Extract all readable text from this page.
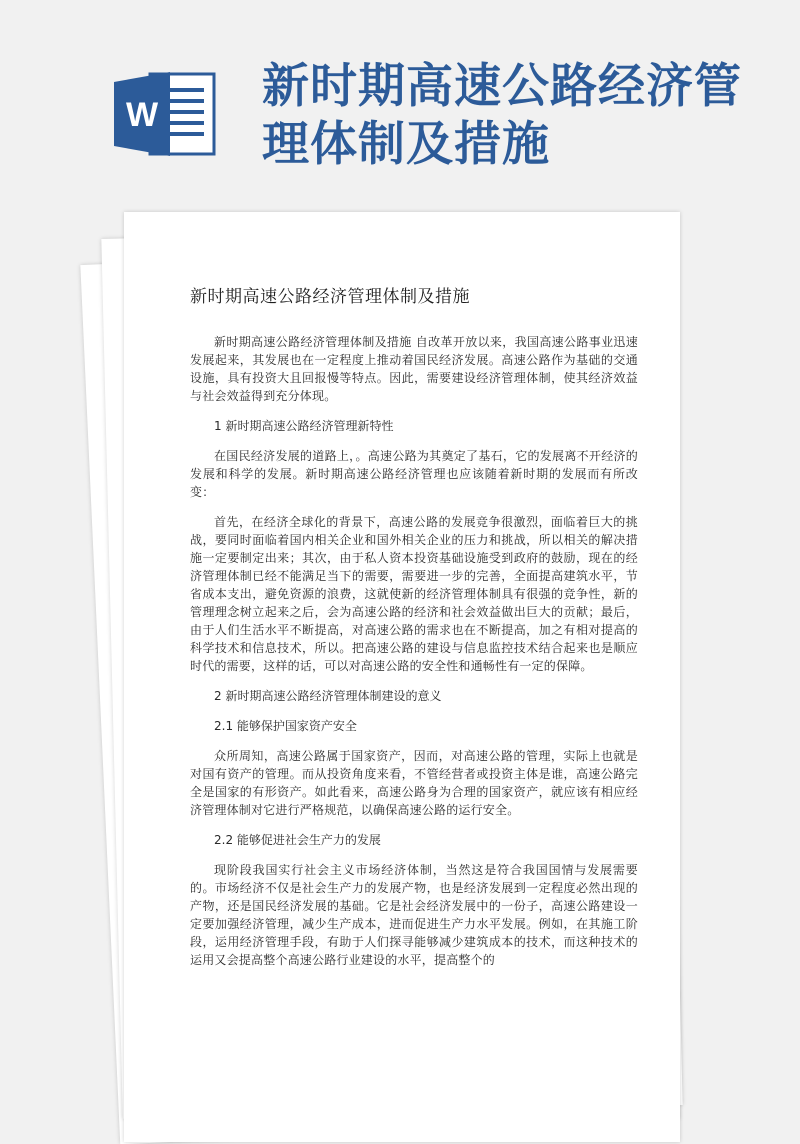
W
新时期高速公路经济管理体制及措施
新时期高速公路经济管理体制及措施

新时期高速公路经济管理体制及措施 自改革开放以来，我国高速公路事业迅速发展起来，其发展也在一定程度上推动着国民经济发展。高速公路作为基础的交通设施，具有投资大且回报慢等特点。因此，需要建设经济管理体制，使其经济效益与社会效益得到充分体现。

1 新时期高速公路经济管理新特性

在国民经济发展的道路上，。高速公路为其奠定了基石，它的发展离不开经济的发展和科学的发展。新时期高速公路经济管理也应该随着新时期的发展而有所改变：

首先，在经济全球化的背景下，高速公路的发展竞争很激烈，面临着巨大的挑战，要同时面临着国内相关企业和国外相关企业的压力和挑战，所以相关的解决措施一定要制定出来；其次，由于私人资本投资基础设施受到政府的鼓励，现在的经济管理体制已经不能满足当下的需要，需要进一步的完善，全面提高建筑水平，节省成本支出，避免资源的浪费，这就使新的经济管理体制具有很强的竞争性，新的管理理念树立起来之后，会为高速公路的经济和社会效益做出巨大的贡献；最后，由于人们生活水平不断提高，对高速公路的需求也在不断提高，加之有相对提高的科学技术和信息技术，所以。把高速公路的建设与信息监控技术结合起来也是顺应时代的需要，这样的话，可以对高速公路的安全性和通畅性有一定的保障。

2 新时期高速公路经济管理体制建设的意义
2.1 能够保护国家资产安全

众所周知，高速公路属于国家资产，因而，对高速公路的管理，实际上也就是对国有资产的管理。而从投资角度来看，不管经营者或投资主体是谁，高速公路完全是国家的有形资产。如此看来，高速公路身为合理的国家资产，就应该有相应经济管理体制对它进行严格规范，以确保高速公路的运行安全。

2.2 能够促进社会生产力的发展

现阶段我国实行社会主义市场经济体制，当然这是符合我国国情与发展需要的。市场经济不仅是社会生产力的发展产物，也是经济发展到一定程度必然出现的产物，还是国民经济发展的基础。它是社会经济发展中的一份子，高速公路建设一定要加强经济管理，减少生产成本，进而促进生产力水平发展。例如，在其施工阶段，运用经济管理手段，有助于人们探寻能够减少建筑成本的技术，而这种技术的运用又会提高整个高速公路行业建设的水平，提高整个的
